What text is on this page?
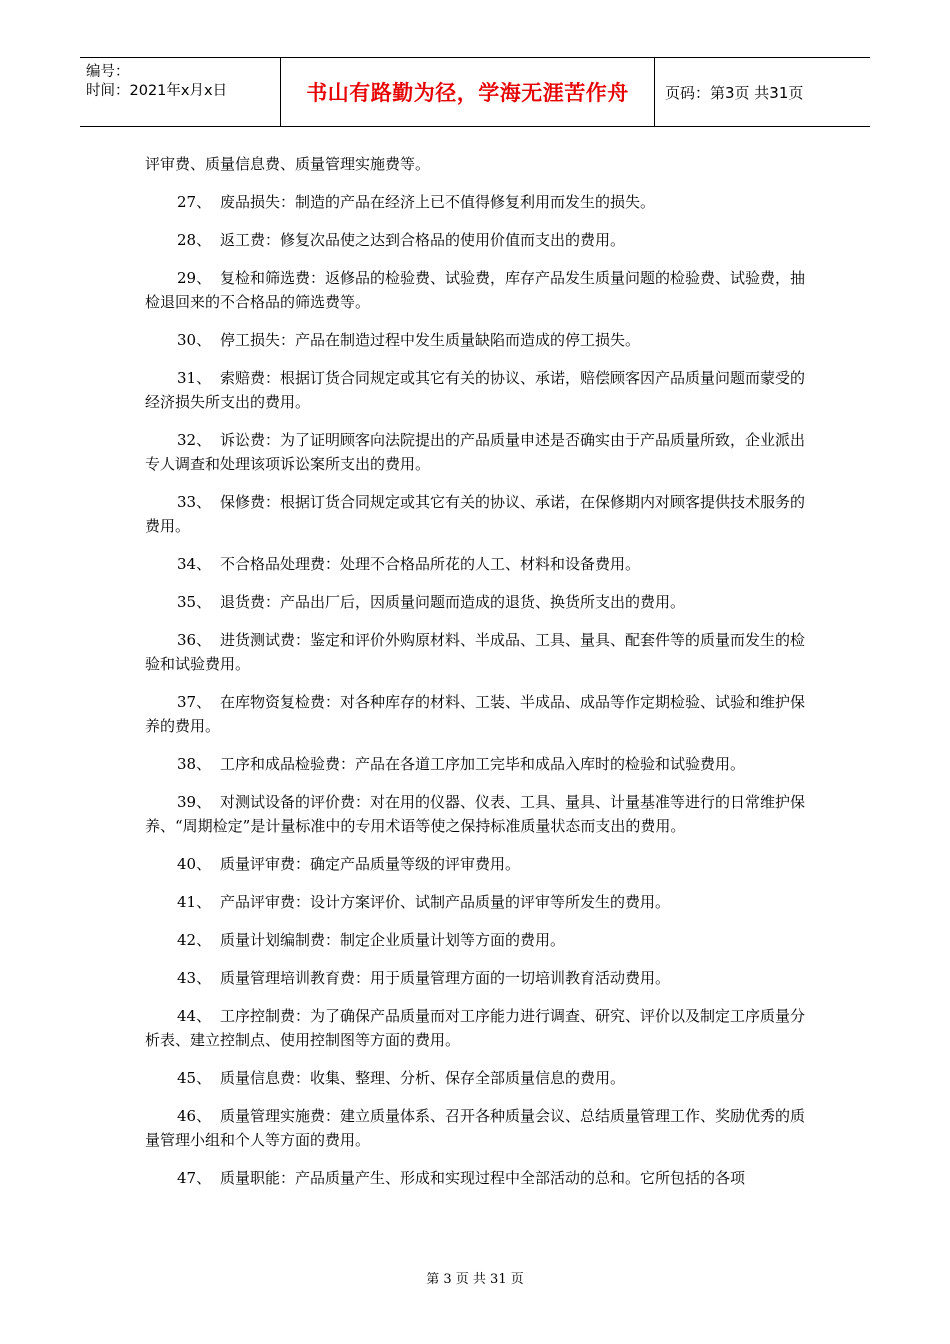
编号：
时间：2021年x月x日	书山有路勤为径，学海无涯苦作舟	页码：第3页 共31页

评审费、质量信息费、质量管理实施费等。

27、 废品损失：制造的产品在经济上已不值得修复利用而发生的损失。

28、 返工费：修复次品使之达到合格品的使用价值而支出的费用。

29、 复检和筛选费：返修品的检验费、试验费，库存产品发生质量问题的检验费、试验费，抽检退回来的不合格品的筛选费等。

30、 停工损失：产品在制造过程中发生质量缺陷而造成的停工损失。

31、 索赔费：根据订货合同规定或其它有关的协议、承诺，赔偿顾客因产品质量问题而蒙受的经济损失所支出的费用。

32、 诉讼费：为了证明顾客向法院提出的产品质量申述是否确实由于产品质量所致，企业派出专人调查和处理该项诉讼案所支出的费用。

33、 保修费：根据订货合同规定或其它有关的协议、承诺，在保修期内对顾客提供技术服务的费用。

34、 不合格品处理费：处理不合格品所花的人工、材料和设备费用。

35、 退货费：产品出厂后，因质量问题而造成的退货、换货所支出的费用。

36、 进货测试费：鉴定和评价外购原材料、半成品、工具、量具、配套件等的质量而发生的检验和试验费用。

37、 在库物资复检费：对各种库存的材料、工装、半成品、成品等作定期检验、试验和维护保养的费用。

38、 工序和成品检验费：产品在各道工序加工完毕和成品入库时的检验和试验费用。

39、 对测试设备的评价费：对在用的仪器、仪表、工具、量具、计量基准等进行的日常维护保养、“周期检定”是计量标准中的专用术语等使之保持标准质量状态而支出的费用。

40、 质量评审费：确定产品质量等级的评审费用。

41、 产品评审费：设计方案评价、试制产品质量的评审等所发生的费用。

42、 质量计划编制费：制定企业质量计划等方面的费用。

43、 质量管理培训教育费：用于质量管理方面的一切培训教育活动费用。

44、 工序控制费：为了确保产品质量而对工序能力进行调查、研究、评价以及制定工序质量分析表、建立控制点、使用控制图等方面的费用。

45、 质量信息费：收集、整理、分析、保存全部质量信息的费用。

46、 质量管理实施费：建立质量体系、召开各种质量会议、总结质量管理工作、奖励优秀的质量管理小组和个人等方面的费用。

47、 质量职能：产品质量产生、形成和实现过程中全部活动的总和。它所包括的各项

第 3 页 共 31 页
